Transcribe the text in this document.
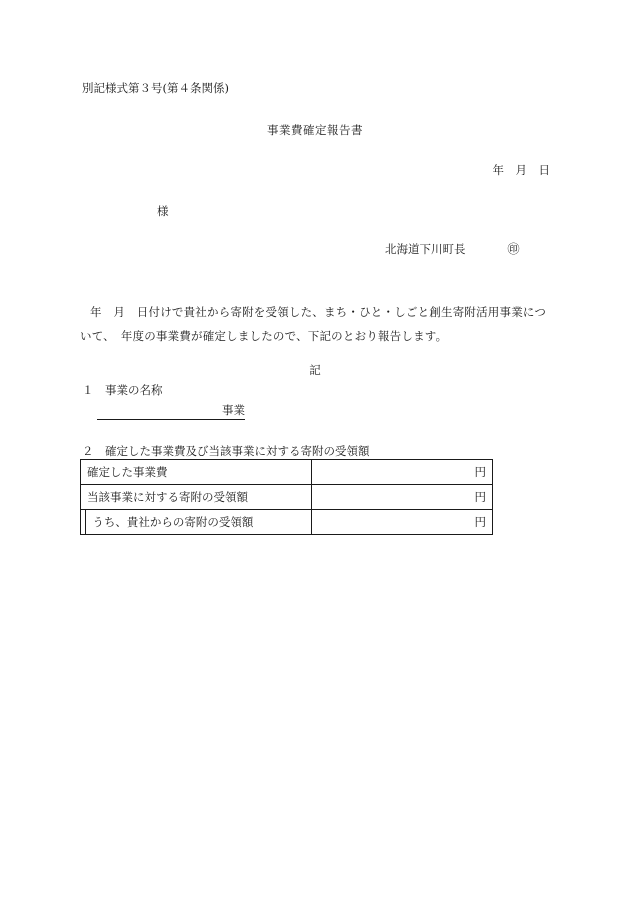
別記様式第３号(第４条関係)
事業費確定報告書
年　月　日
様
北海道下川町長	㊞
年　月　日付けで貴社から寄附を受領した、まち・ひと・しごと創生寄附活用事業について、　年度の事業費が確定しましたので、下記のとおり報告します。
記
１　事業の名称
事業
２　確定した事業費及び当該事業に対する寄附の受領額
確定した事業費		円
当該事業に対する寄附の受領額		円
	うち、貴社からの寄附の受領額	円
